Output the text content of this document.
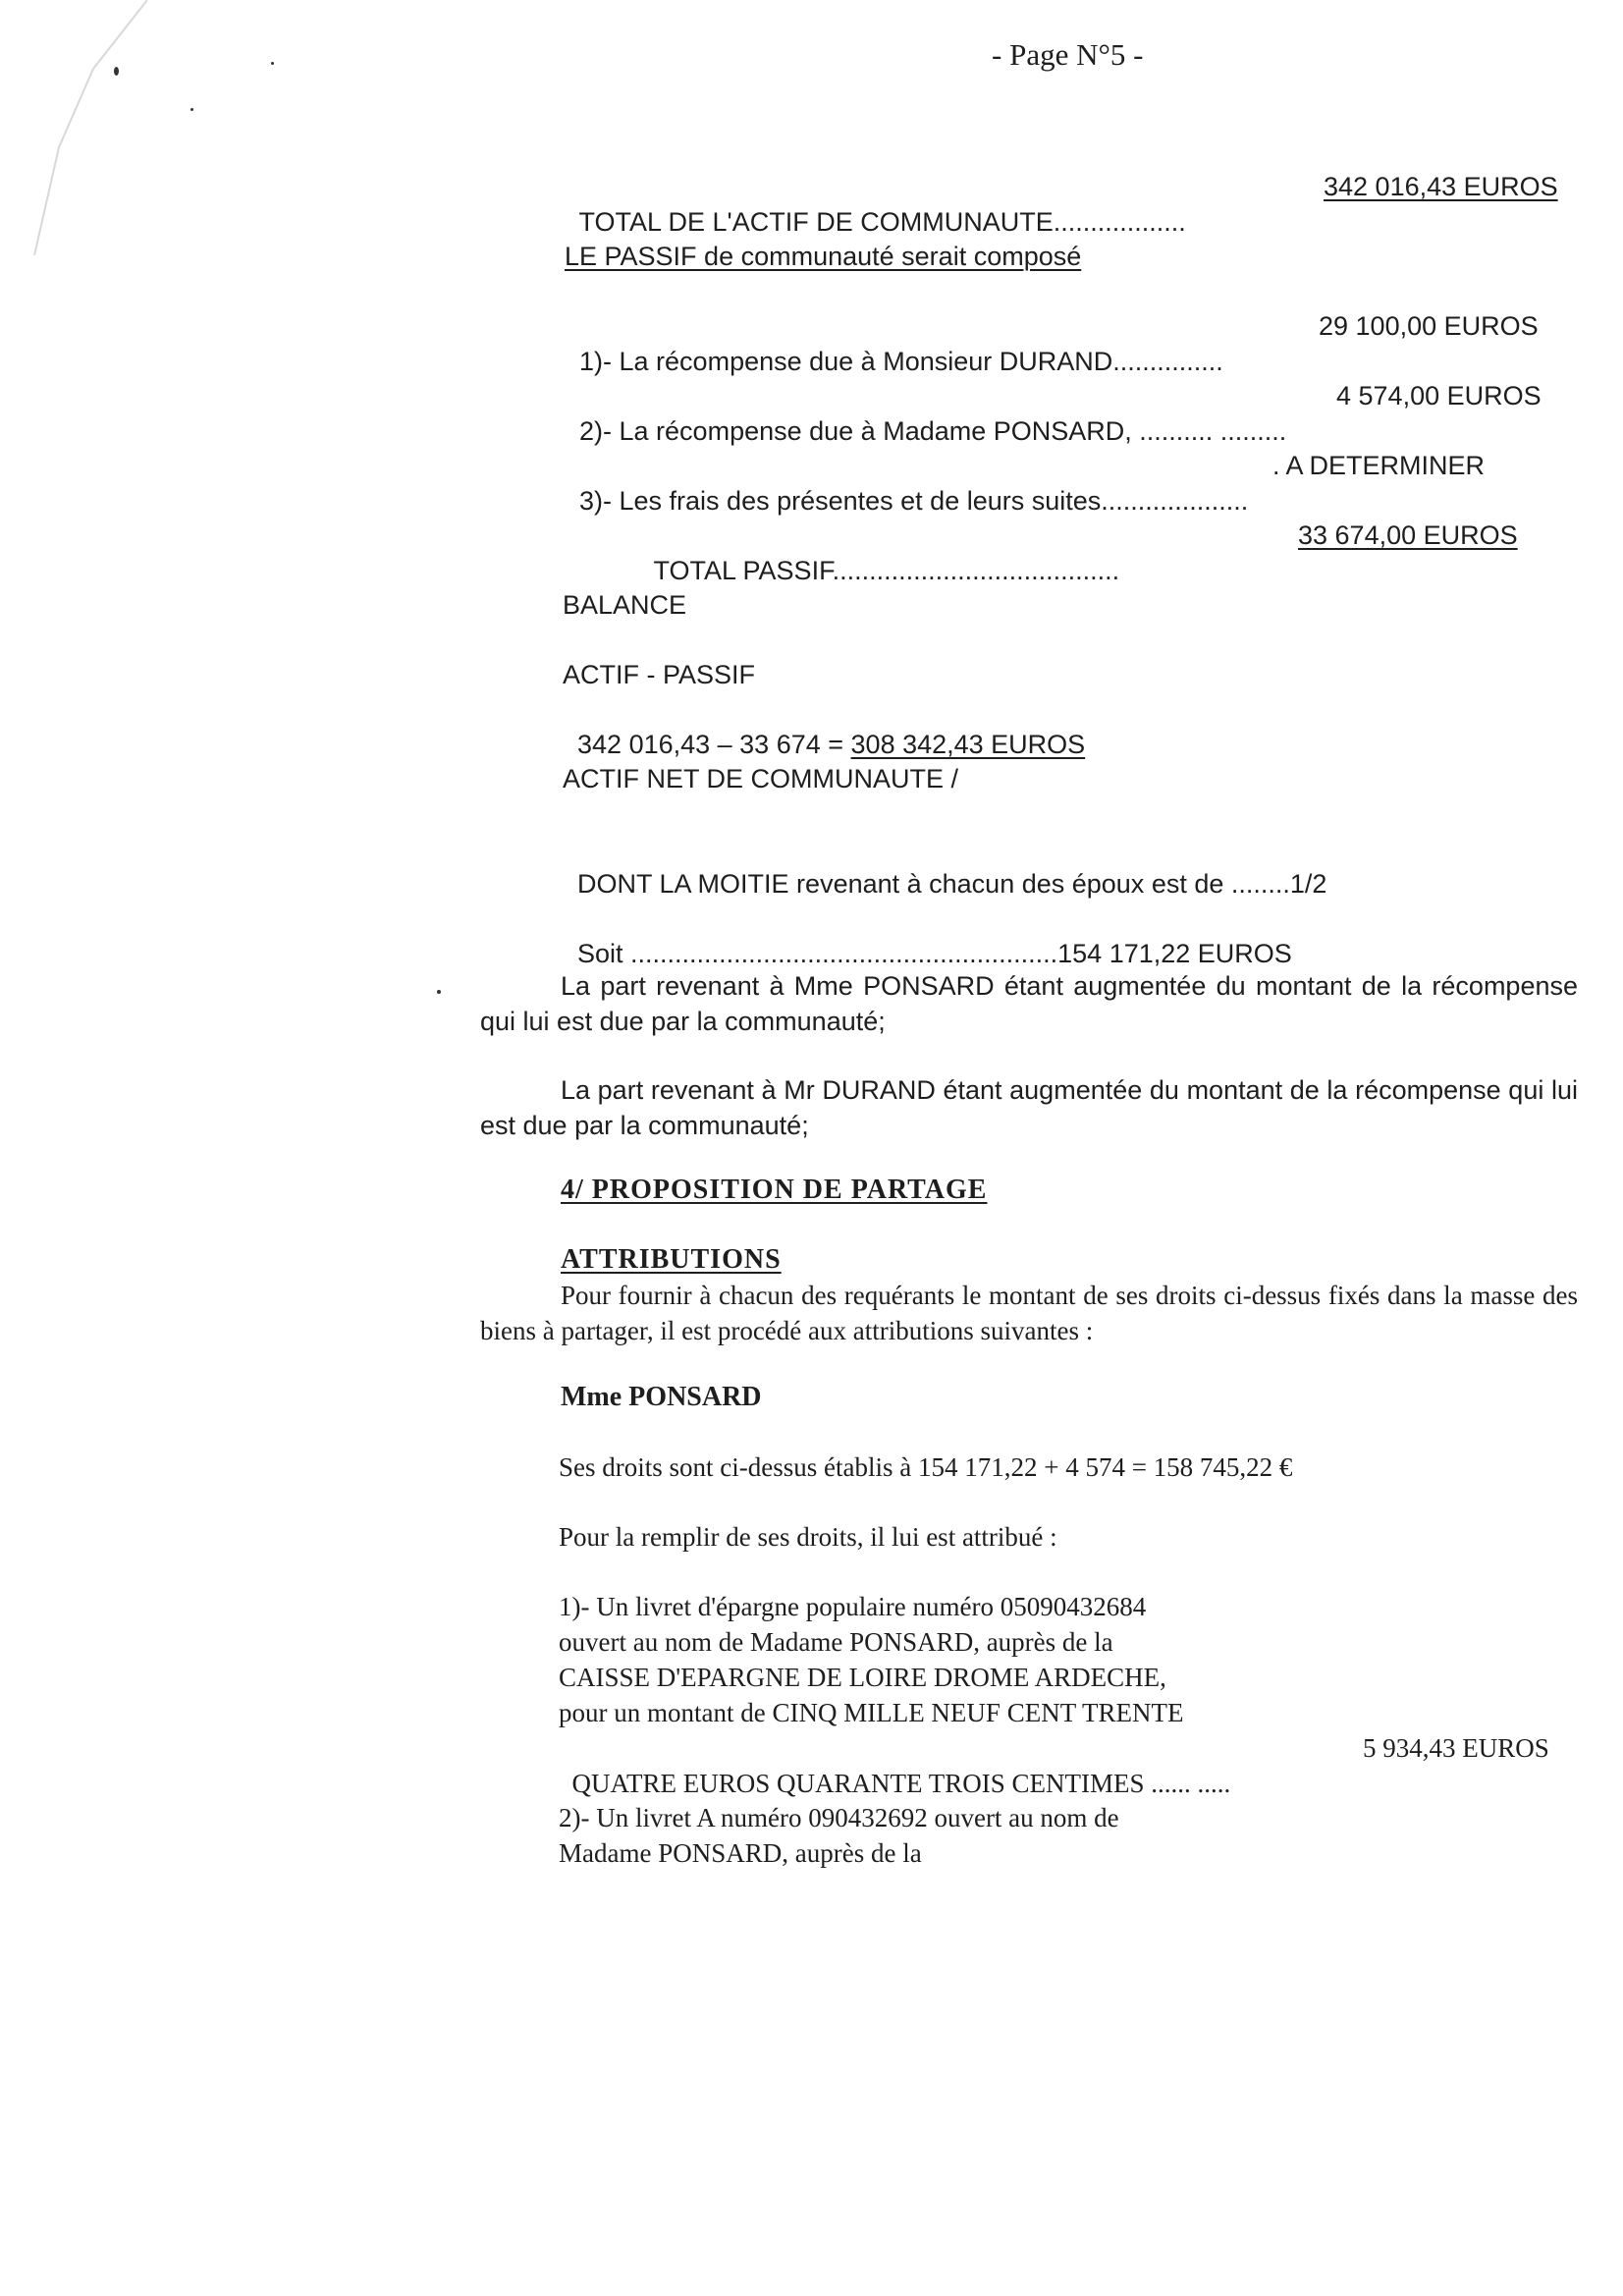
- Page N°5 -

TOTAL DE L'ACTIF DE COMMUNAUTE..................

342 016,43 EUROS
LE PASSIF de communauté serait composé

1)- La récompense due à Monsieur DURAND...............

29 100,00 EUROS

2)- La récompense due à Madame PONSARD, .......... .........

4 574,00 EUROS

3)- Les frais des présentes et de leurs suites....................

. A DETERMINER

TOTAL PASSIF.......................................

33 674,00 EUROS
BALANCE
ACTIF - PASSIF

342 016,43 – 33 674 = 308 342,43 EUROS

ACTIF NET DE COMMUNAUTE /

DONT LA MOITIE revenant à chacun des époux est de ........1/2

Soit ..........................................................154 171,22 EUROS

La part revenant à Mme PONSARD étant augmentée du montant de la récompense qui lui est due par la communauté;

La part revenant à Mr DURAND étant augmentée du montant de la récompense qui lui est due par la communauté;

4/ PROPOSITION DE PARTAGE
ATTRIBUTIONS

Pour fournir à chacun des requérants le montant de ses droits ci-dessus fixés dans la masse des biens à partager, il est procédé aux attributions suivantes :

Mme PONSARD
Ses droits sont ci-dessus établis à 154 171,22 + 4 574 = 158 745,22 €
Pour la remplir de ses droits, il lui est attribué :
1)- Un livret d'épargne populaire numéro 05090432684
ouvert au nom de Madame PONSARD, auprès de la
CAISSE D'EPARGNE DE LOIRE DROME ARDECHE,
pour un montant de CINQ MILLE NEUF CENT TRENTE

QUATRE EUROS QUARANTE TROIS CENTIMES ...... .....

5 934,43 EUROS
2)- Un livret A numéro 090432692 ouvert au nom de
Madame PONSARD, auprès de la
